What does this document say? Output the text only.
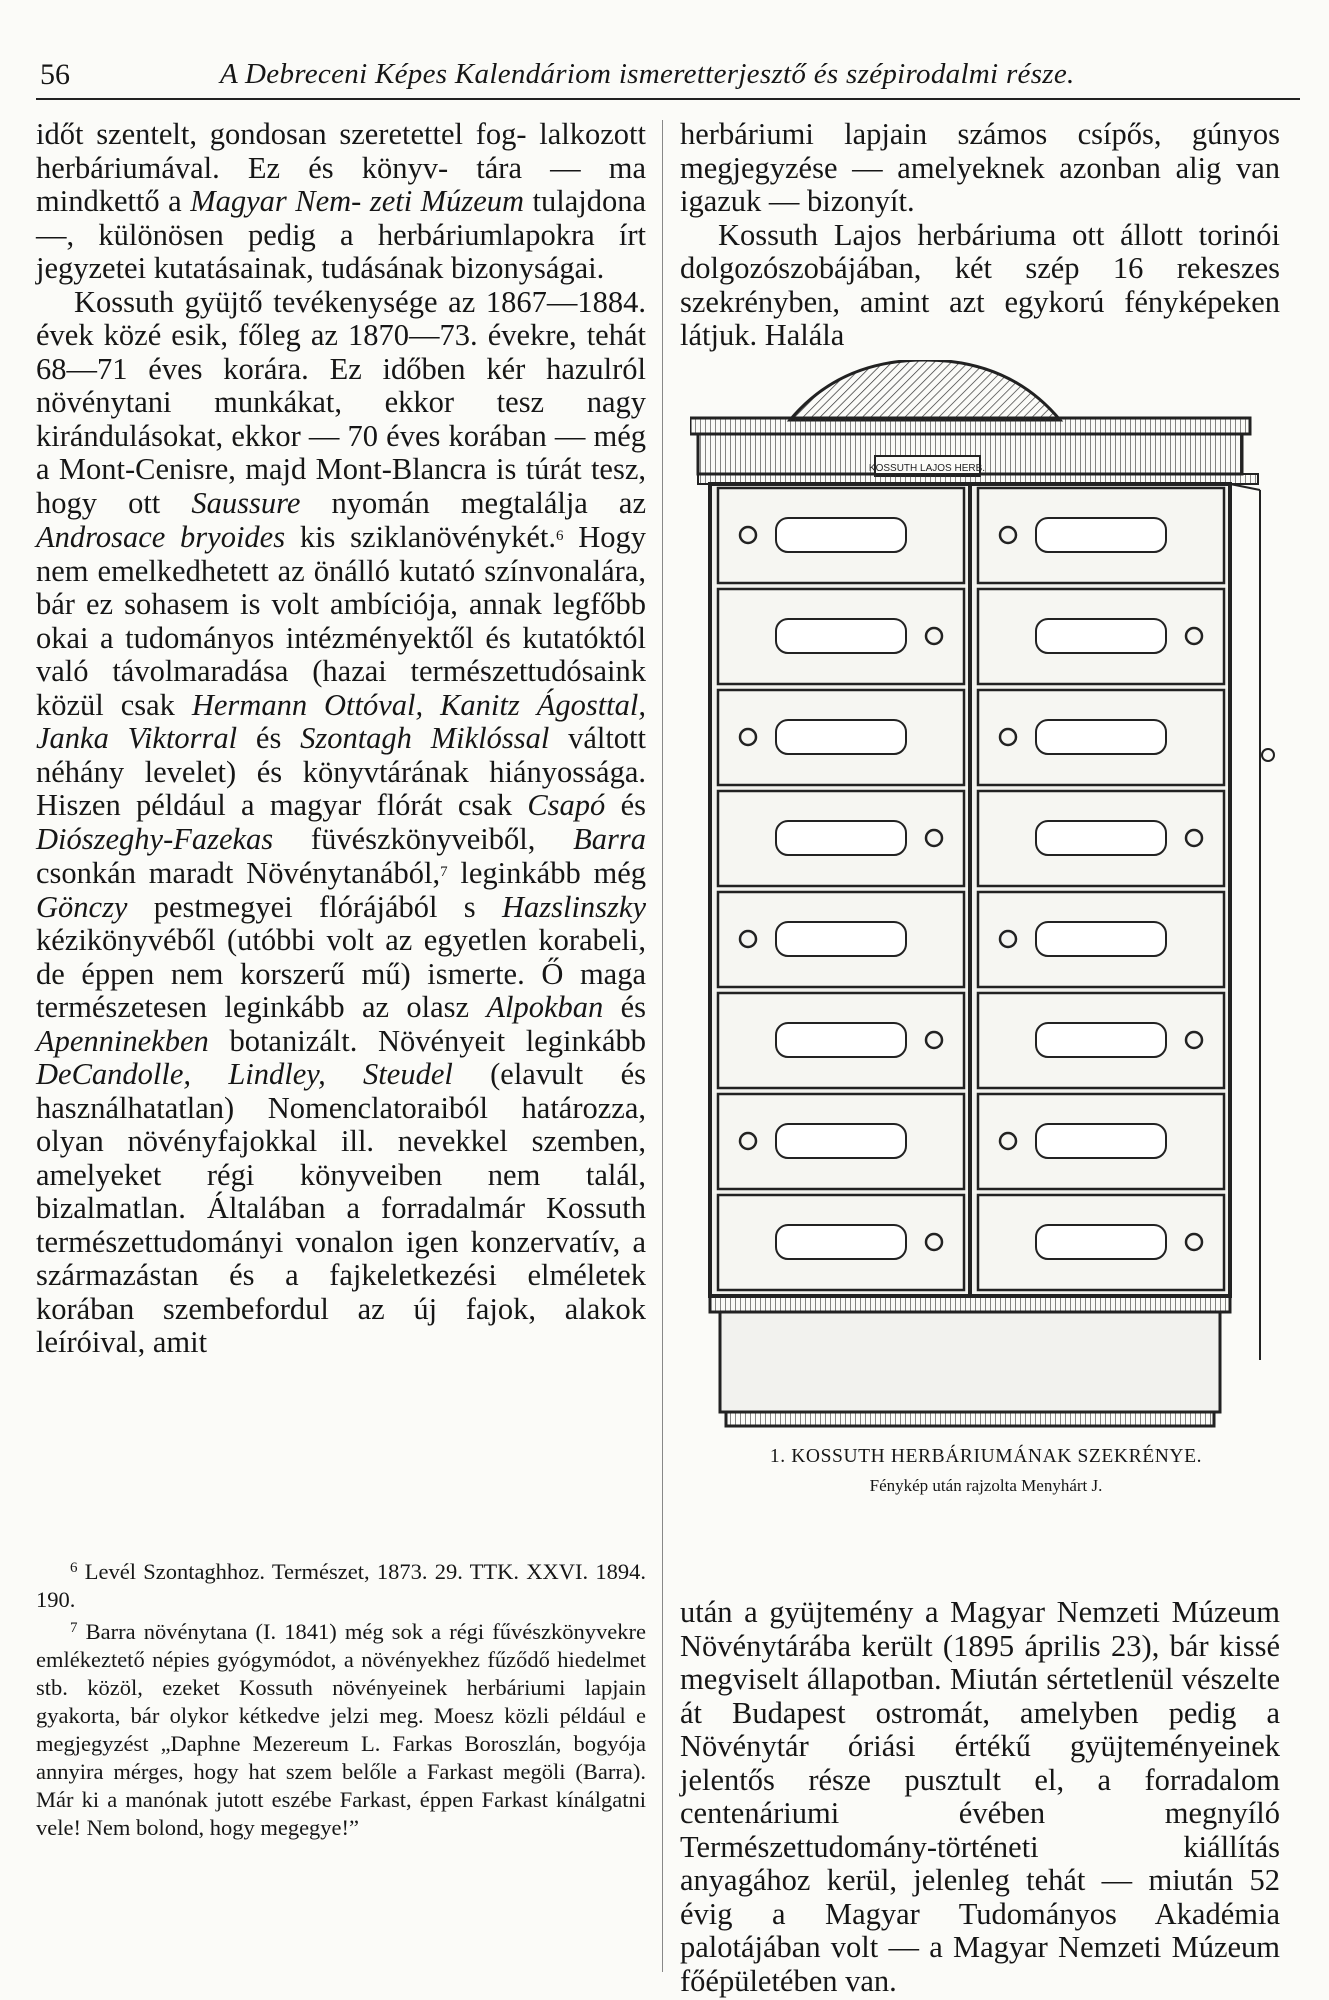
56	A Debreceni Képes Kalendáriom ismeretterjesztő és szépirodalmi része.

időt szentelt, gondosan szeretettel fog- lalkozott herbáriumával. Ez és könyv- tára — ma mindkettő a Magyar Nem- zeti Múzeum tulajdona —, különösen pedig a herbáriumlapokra írt jegyzetei kutatásainak, tudásának bizonyságai.

Kossuth gyüjtő tevékenysége az 1867—1884. évek közé esik, főleg az 1870—73. évekre, tehát 68—71 éves korára. Ez időben kér hazulról növénytani munkákat, ekkor tesz nagy kirándulásokat, ekkor — 70 éves korában — még a Mont-Cenisre, majd Mont-Blancra is túrát tesz, hogy ott Saussure nyomán megtalálja az Androsace bryoides kis sziklanövénykét.$^6$ Hogy nem emelkedhetett az önálló kutató színvonalára, bár ez sohasem is volt ambíciója, annak legfőbb okai a tudományos intézményektől és kutatóktól való távolmaradása (hazai természettudósaink közül csak Hermann Ottóval, Kanitz Ágosttal, Janka Viktorral és Szontagh Miklóssal váltott néhány levelet) és könyvtárának hiányossága. Hiszen például a magyar flórát csak Csapó és Diószeghy-Fazekas füvészkönyveiből, Barra csonkán maradt Növénytanából,$^7$ leginkább még Gönczy pestmegyei flórájából s Hazslinszky kézikönyvéből (utóbbi volt az egyetlen korabeli, de éppen nem korszerű mű) ismerte. Ő maga természetesen leginkább az olasz Alpokban és Apenninekben botanizált. Növényeit leginkább DeCandolle, Lindley, Steudel (elavult és használhatatlan) Nomenclatoraiból határozza, olyan növényfajokkal ill. nevekkel szemben, amelyeket régi könyveiben nem talál, bizalmatlan. Általában a forradalmár Kossuth természettudományi vonalon igen konzervatív, a származástan és a fajkeletkezési elméletek korában szembefordul az új fajok, alakok leíróival, amit

$^6$ Levél Szontaghhoz. Természet, 1873. 29. TTK. XXVI. 1894. 190.

$^7$ Barra növénytana (I. 1841) még sok a régi fűvészkönyvekre emlékeztető népies gyógymódot, a növényekhez fűződő hiedelmet stb. közöl, ezeket Kossuth növényeinek herbáriumi lapjain gyakorta, bár olykor kétkedve jelzi meg. Moesz közli például e megjegyzést „Daphne Mezereum L. Farkas Boroszlán, bogyója annyira mérges, hogy hat szem belőle a Farkast megöli (Barra). Már ki a manónak jutott eszébe Farkast, éppen Farkast kínálgatni vele! Nem bolond, hogy megegye!”

herbáriumi lapjain számos csípős, gúnyos megjegyzése — amelyeknek azonban alig van igazuk — bizonyít.

Kossuth Lajos herbáriuma ott állott torinói dolgozószobájában, két szép 16 rekeszes szekrényben, amint azt egykorú fényképeken látjuk. Halála

KOSSUTH LAJOS HERB.
1. KOSSUTH HERBÁRIUMÁNAK SZEKRÉNYE.
Fénykép után rajzolta Menyhárt J.

után a gyüjtemény a Magyar Nemzeti Múzeum Növénytárába került (1895 április 23), bár kissé megviselt állapotban. Miután sértetlenül vészelte át Budapest ostromát, amelyben pedig a Növénytár óriási értékű gyüjteményeinek jelentős része pusztult el, a forradalom centenáriumi évében megnyíló Természettudomány-történeti kiállítás anyagához kerül, jelenleg tehát — miután 52 évig a Magyar Tudományos Akadémia palotájában volt — a Magyar Nemzeti Múzeum főépületében van.
